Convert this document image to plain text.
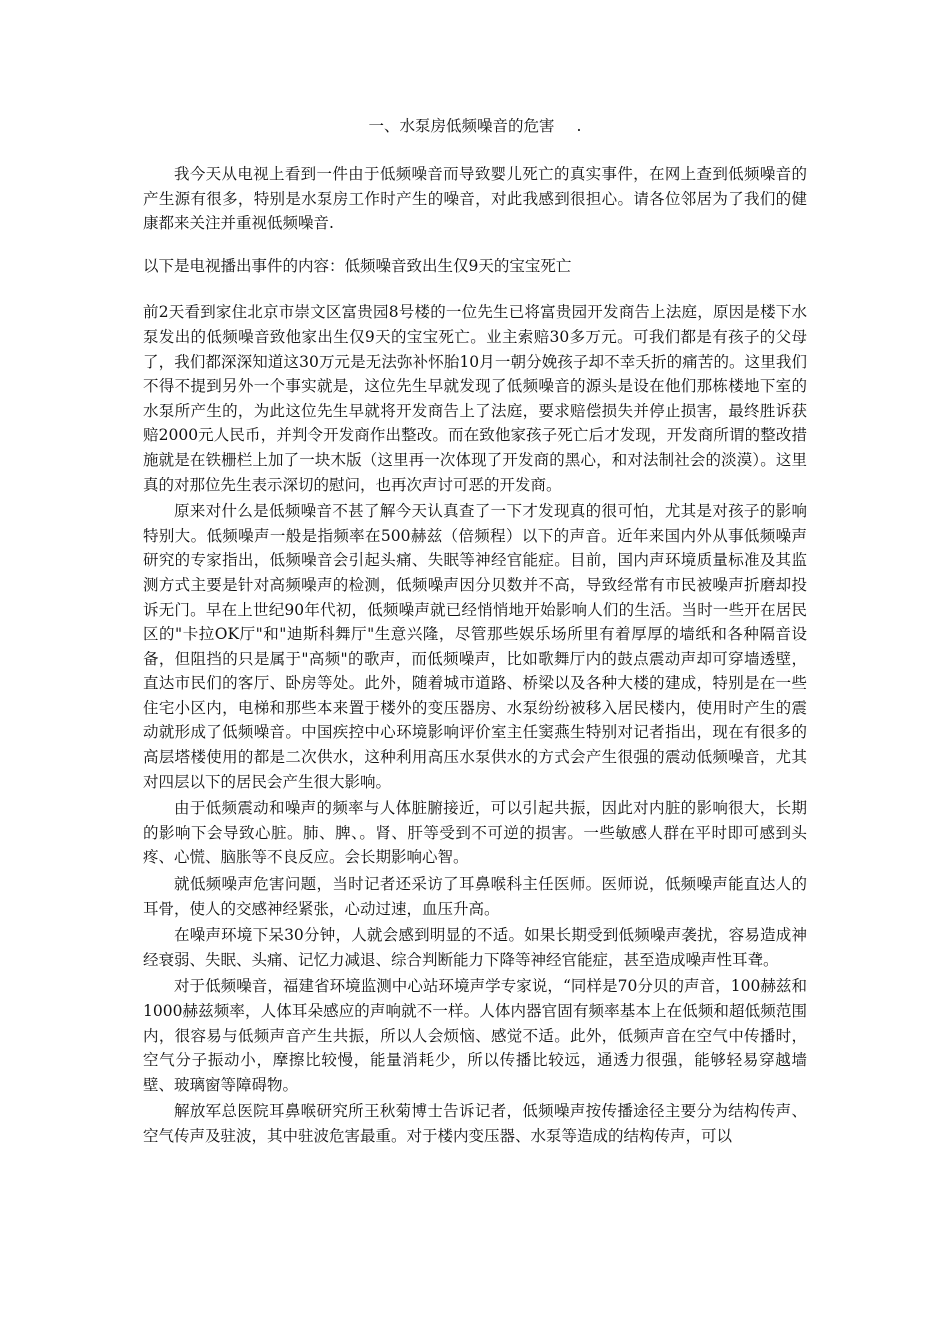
一、水泵房低频噪音的危害 .

我今天从电视上看到一件由于低频噪音而导致婴儿死亡的真实事件，在网上查到低频噪音的产生源有很多，特别是水泵房工作时产生的噪音，对此我感到很担心。请各位邻居为了我们的健康都来关注并重视低频噪音.

以下是电视播出事件的内容：低频噪音致出生仅9天的宝宝死亡

前2天看到家住北京市崇文区富贵园8号楼的一位先生已将富贵园开发商告上法庭，原因是楼下水泵发出的低频噪音致他家出生仅9天的宝宝死亡。业主索赔30多万元。可我们都是有孩子的父母了，我们都深深知道这30万元是无法弥补怀胎10月一朝分娩孩子却不幸夭折的痛苦的。这里我们不得不提到另外一个事实就是，这位先生早就发现了低频噪音的源头是设在他们那栋楼地下室的水泵所产生的，为此这位先生早就将开发商告上了法庭，要求赔偿损失并停止损害，最终胜诉获赔2000元人民币，并判令开发商作出整改。而在致他家孩子死亡后才发现，开发商所谓的整改措施就是在铁栅栏上加了一块木版（这里再一次体现了开发商的黑心，和对法制社会的淡漠）。这里真的对那位先生表示深切的慰问，也再次声讨可恶的开发商。

原来对什么是低频噪音不甚了解今天认真查了一下才发现真的很可怕，尤其是对孩子的影响特别大。低频噪声一般是指频率在500赫兹（倍频程）以下的声音。近年来国内外从事低频噪声研究的专家指出，低频噪音会引起头痛、失眠等神经官能症。目前，国内声环境质量标准及其监测方式主要是针对高频噪声的检测，低频噪声因分贝数并不高，导致经常有市民被噪声折磨却投诉无门。早在上世纪90年代初，低频噪声就已经悄悄地开始影响人们的生活。当时一些开在居民区的"卡拉OK厅"和"迪斯科舞厅"生意兴隆，尽管那些娱乐场所里有着厚厚的墙纸和各种隔音设备，但阻挡的只是属于"高频"的歌声，而低频噪声，比如歌舞厅内的鼓点震动声却可穿墙透壁，直达市民们的客厅、卧房等处。此外，随着城市道路、桥梁以及各种大楼的建成，特别是在一些住宅小区内，电梯和那些本来置于楼外的变压器房、水泵纷纷被移入居民楼内，使用时产生的震动就形成了低频噪音。中国疾控中心环境影响评价室主任窦燕生特别对记者指出，现在有很多的高层塔楼使用的都是二次供水，这种利用高压水泵供水的方式会产生很强的震动低频噪音，尤其对四层以下的居民会产生很大影响。

由于低频震动和噪声的频率与人体脏腑接近，可以引起共振，因此对内脏的影响很大，长期的影响下会导致心脏。肺、脾、。肾、肝等受到不可逆的损害。一些敏感人群在平时即可感到头疼、心慌、脑胀等不良反应。会长期影响心智。

就低频噪声危害问题，当时记者还采访了耳鼻喉科主任医师。医师说，低频噪声能直达人的耳骨，使人的交感神经紧张，心动过速，血压升高。

在噪声环境下呆30分钟，人就会感到明显的不适。如果长期受到低频噪声袭扰，容易造成神经衰弱、失眠、头痛、记忆力减退、综合判断能力下降等神经官能症，甚至造成噪声性耳聋。

对于低频噪音，福建省环境监测中心站环境声学专家说，“同样是70分贝的声音，100赫兹和1000赫兹频率，人体耳朵感应的声响就不一样。人体内器官固有频率基本上在低频和超低频范围内，很容易与低频声音产生共振，所以人会烦恼、感觉不适。此外，低频声音在空气中传播时，空气分子振动小，摩擦比较慢，能量消耗少，所以传播比较远，通透力很强，能够轻易穿越墙壁、玻璃窗等障碍物。

解放军总医院耳鼻喉研究所王秋菊博士告诉记者，低频噪声按传播途径主要分为结构传声、空气传声及驻波，其中驻波危害最重。对于楼内变压器、水泵等造成的结构传声，可以
